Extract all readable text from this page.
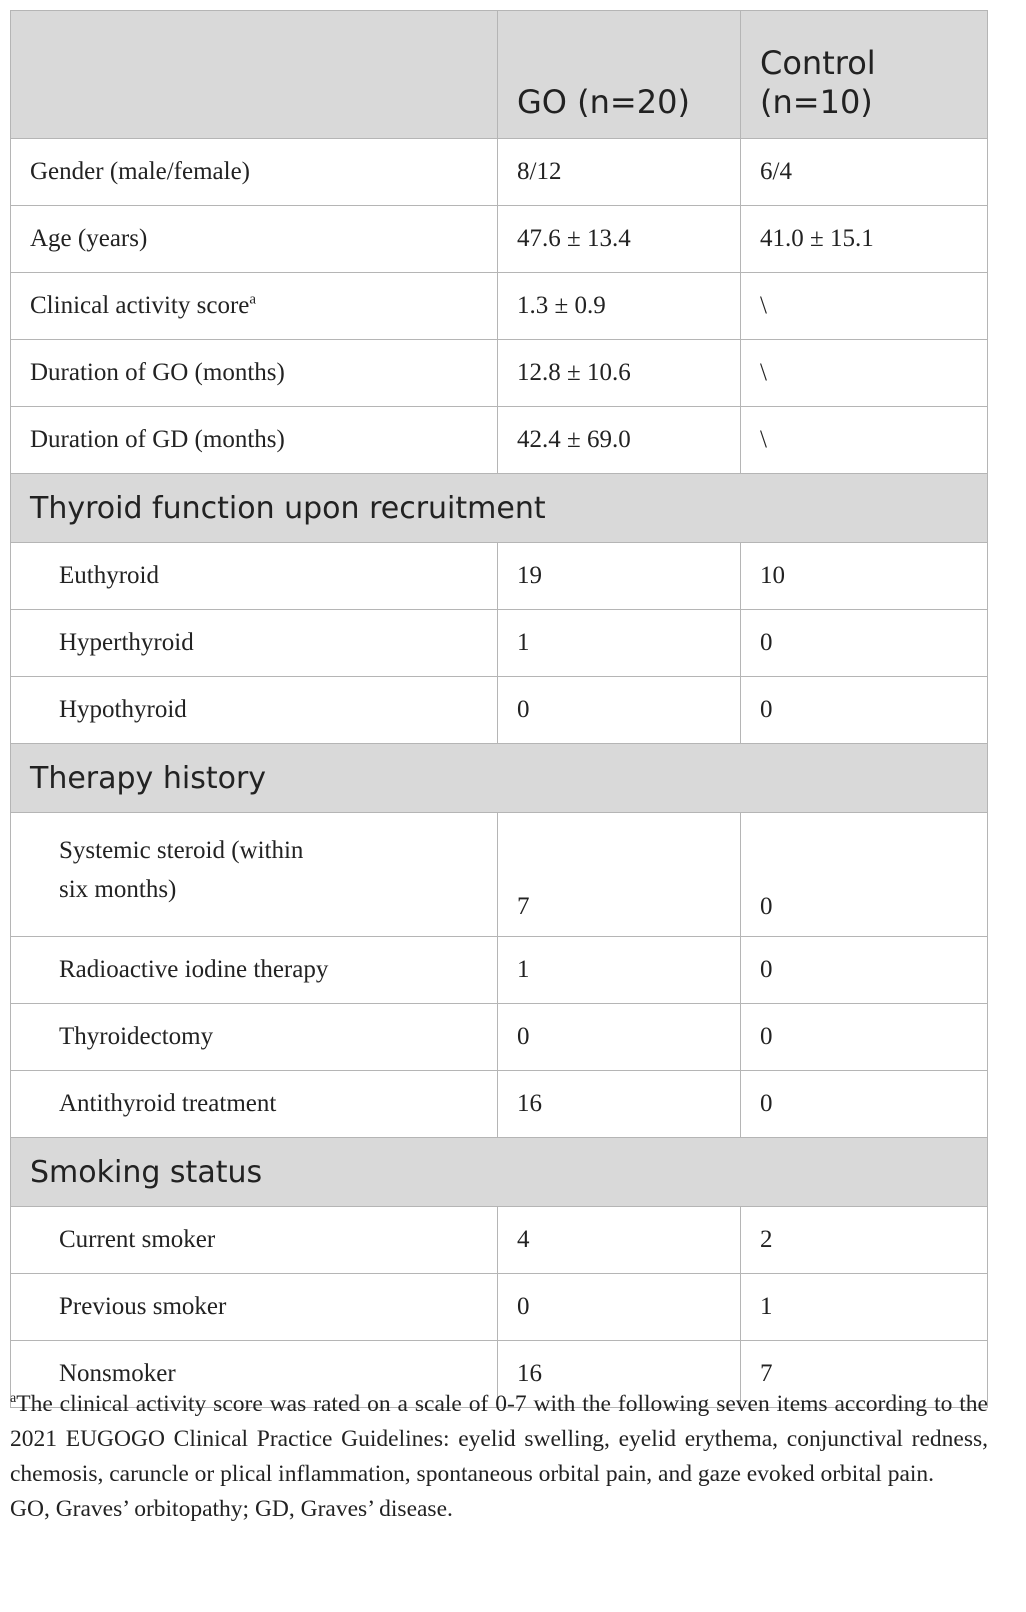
	GO (n=20)	Control
(n=10)
Gender (male/female)	8/12	6/4
Age (years)	47.6 ± 13.4	41.0 ± 15.1
Clinical activity score$^a$	1.3 ± 0.9	\
Duration of GO (months)	12.8 ± 10.6	\
Duration of GD (months)	42.4 ± 69.0	\
Thyroid function upon recruitment		
Euthyroid	19	10
Hyperthyroid	1	0
Hypothyroid	0	0
Therapy history		
Systemic steroid (within
six months)	7	0
Radioactive iodine therapy	1	0
Thyroidectomy	0	0
Antithyroid treatment	16	0
Smoking status		
Current smoker	4	2
Previous smoker	0	1
Nonsmoker	16	7

$^a$The clinical activity score was rated on a scale of 0-7 with the following seven items according to the 2021 EUGOGO Clinical Practice Guidelines: eyelid swelling, eyelid erythema, conjunctival redness, chemosis, caruncle or plical inflammation, spontaneous orbital pain, and gaze evoked orbital pain.

GO, Graves’ orbitopathy; GD, Graves’ disease.
